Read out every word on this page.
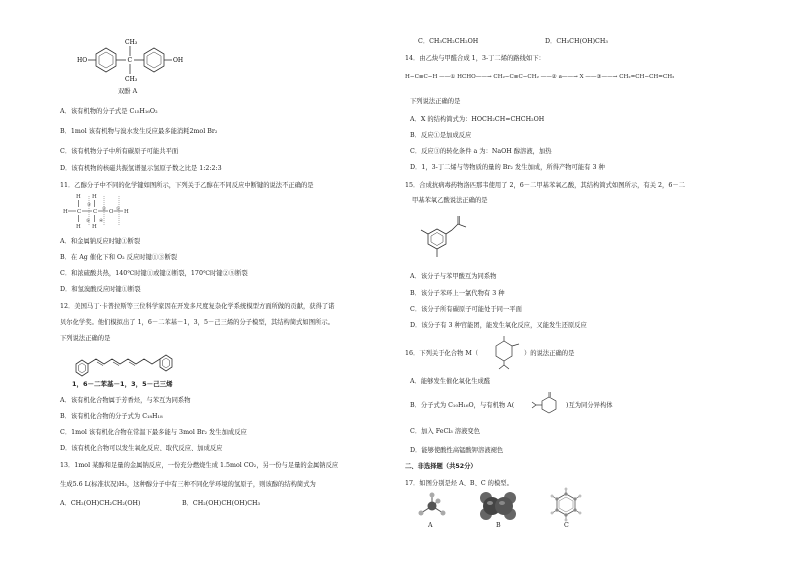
CH₃
C
CH₃
HO	OH
双酚 A
A．该有机物的分子式是 C₁₅H₁₆O₂
B．1mol 该有机物与溴水发生反应最多能消耗2mol Br₂
C．该有机物分子中所有碳原子可能共平面
D．该有机物的核磁共振氢谱显示氢原子数之比是 1:2:2:3
11．乙醇分子中不同的化学键如图所示，下列关于乙醇在不同反应中断键的说法不正确的是
H H
H C C O H
H H
③
② ①
⑤ ④
A．和金属钠反应时键①断裂
B．在 Ag 催化下和 O₂ 反应时键①③断裂
C．和浓硫酸共热，140℃时键①或键②断裂，170℃时键②⑤断裂
D．和氢溴酸反应时键①断裂
12．美国马丁·卡普拉斯等三位科学家因在开发多尺度复杂化学系统模型方面所做的贡献，获得了诺
贝尔化学奖。他们模拟出了 1，6－二苯基－1，3，5－己三烯的分子模型，其结构简式如图所示。
下列说法正确的是
1，6－二苯基－1，3，5－己三烯
A．该有机化合物属于芳香烃，与苯互为同系物
B．该有机化合物的分子式为 C₁₈H₁₈
C．1mol 该有机化合物在常温下最多能与 3mol Br₂ 发生加成反应
D．该有机化合物可以发生氧化反应、取代反应、加成反应
13．1mol 某醇和足量的金属钠反应，一份充分燃烧生成 1.5mol CO₂，另一份与足量的金属钠反应
生成5.6 L(标准状况)H₂，这种醇分子中有三种不同化学环境的氢原子，则该醇的结构简式为
A．CH₂(OH)CH₂CH₂(OH)	B．CH₂(OH)CH(OH)CH₃
C．CH₃CH₂CH₂OH	D．CH₃CH(OH)CH₃
14．由乙炔与甲醛合成 1，3-丁二烯的路线如下：
H−C≡C−H ——① HCHO——→ CH₂−C≡C−CH₂ ——② a——→ X ——③——→ CH₂=CH−CH=CH₂
下列说法正确的是
A．X 的结构简式为：HOCH₂CH=CHCH₂OH
B．反应①是加成反应
C．反应③的转化条件 a 为：NaOH 醇溶液，加热
D．1，3-丁二烯与等物质的量的 Br₂ 发生加成，所得产物可能有 3 种
15．合成抗病毒药物洛匹那韦使用了 2，6－二甲基苯氧乙酸，其结构简式如图所示，有关 2，6－二
甲基苯氧乙酸说法正确的是
A．该分子与苯甲酸互为同系物
B．该分子苯环上一氯代物有 3 种
C．该分子所有碳原子可能处于同一平面
D．该分子有 3 种官能团，能发生氧化反应，又能发生还原反应
16．下列关于化合物 M（	）的说法正确的是
A．能够发生催化氧化生成醛
B．分子式为 C₁₀H₁₆O，与有机物 A(	)互为同分异构体
C．加入 FeCl₃ 溶液变色
D．能够使酸性高锰酸钾溶液褪色
二、非选择题（共52分）
17．如图分别是烃 A、B、C 的模型。
A	B	C
